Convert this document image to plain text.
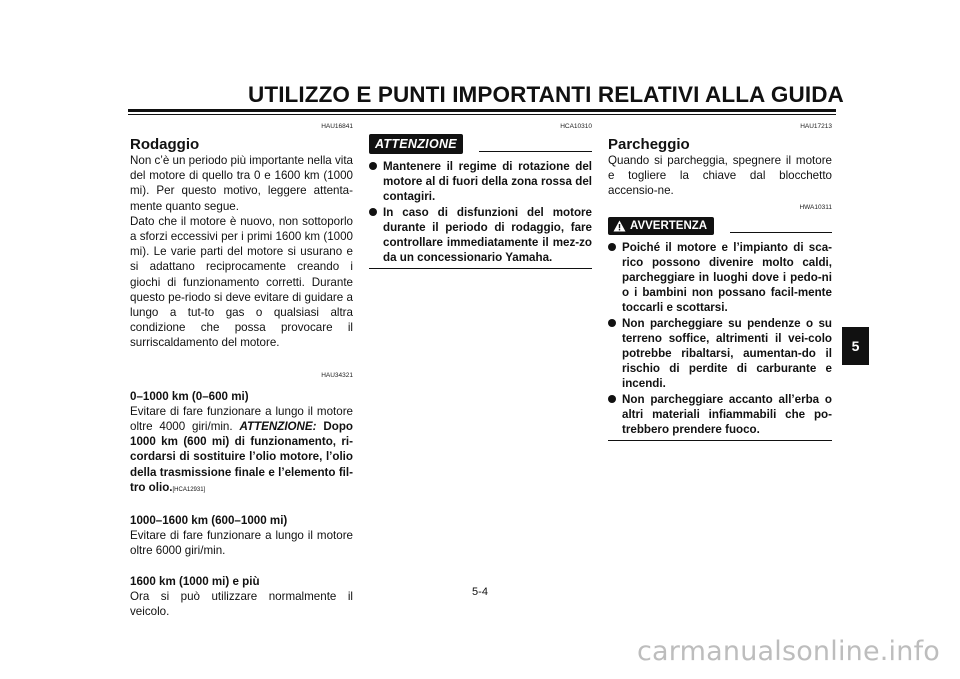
UTILIZZO E PUNTI IMPORTANTI RELATIVI ALLA GUIDA
5
HAU16841
Rodaggio

Non c’è un periodo più importante nella vita del motore di quello tra 0 e 1600 km (1000 mi). Per questo motivo, leggere attenta-mente quanto segue.

Dato che il motore è nuovo, non sottoporlo a sforzi eccessivi per i primi 1600 km (1000 mi). Le varie parti del motore si usurano e si adattano reciprocamente creando i giochi di funzionamento corretti. Durante questo pe-riodo si deve evitare di guidare a lungo a tut-to gas o qualsiasi altra condizione che possa provocare il surriscaldamento del motore.

HAU34321

0–1000 km (0–600 mi)

Evitare di fare funzionare a lungo il motore oltre 4000 giri/min. ATTENZIONE: Dopo 1000 km (600 mi) di funzionamento, ri-cordarsi di sostituire l’olio motore, l’olio della trasmissione finale e l’elemento fil-tro olio.[HCA12931]

1000–1600 km (600–1000 mi)

Evitare di fare funzionare a lungo il motore oltre 6000 giri/min.

1600 km (1000 mi) e più

Ora si può utilizzare normalmente il veicolo.

HCA10310
ATTENZIONE
Mantenere il regime di rotazione del motore al di fuori della zona rossa del contagiri.
In caso di disfunzioni del motore durante il periodo di rodaggio, fare controllare immediatamente il mez-zo da un concessionario Yamaha.
HAU17213
Parcheggio

Quando si parcheggia, spegnere il motore e togliere la chiave dal blocchetto accensio-ne.

HWA10311
AVVERTENZA
Poiché il motore e l’impianto di sca-rico possono divenire molto caldi, parcheggiare in luoghi dove i pedo-ni o i bambini non possano facil-mente toccarli e scottarsi.
Non parcheggiare su pendenze o su terreno soffice, altrimenti il vei-colo potrebbe ribaltarsi, aumentan-do il rischio di perdite di carburante e incendi.
Non parcheggiare accanto all’erba o altri materiali infiammabili che po-trebbero prendere fuoco.
5-4
carmanualsonline.info
